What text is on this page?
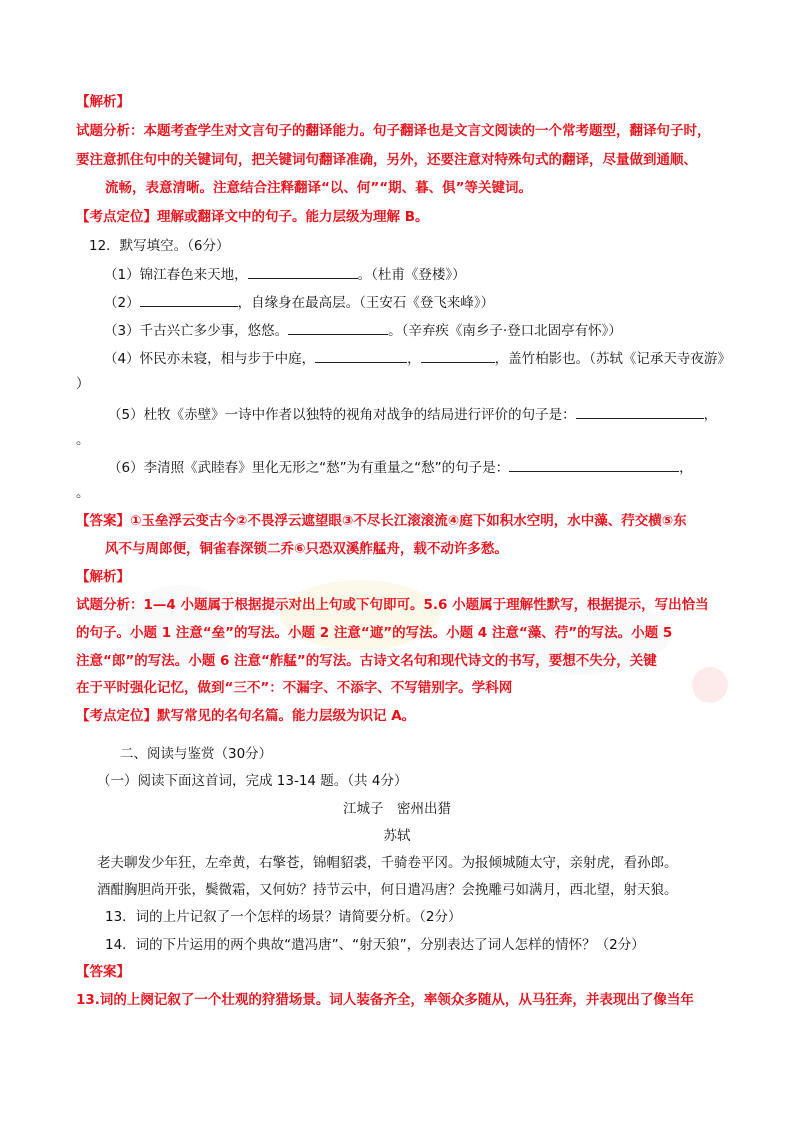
【解析】
试题分析：本题考查学生对文言句子的翻译能力。句子翻译也是文言文阅读的一个常考题型，翻译句子时，
要注意抓住句中的关键词句，把关键词句翻译准确，另外，还要注意对特殊句式的翻译，尽量做到通顺、
流畅，表意清晰。注意结合注释翻译“以、何”“期、暮、俱”等关键词。
【考点定位】理解或翻译文中的句子。能力层级为理解 B。
12．默写填空。（6分）
（1）锦江春色来天地，	。（杜甫《登楼》）
（2）	，自缘身在最高层。（王安石《登飞来峰》）
（3）千古兴亡多少事，悠悠。	。（辛弃疾《南乡子·登口北固亭有怀》）
（4）怀民亦未寝，相与步于中庭，	，	，盖竹柏影也。（苏轼《记承天寺夜游》
）
（5）杜牧《赤壁》一诗中作者以独特的视角对战争的结局进行评价的句子是：	，
。
（6）李清照《武睦春》里化无形之“愁”为有重量之“愁”的句子是：	，
。
【答案】①玉垒浮云变古今②不畏浮云遮望眼③不尽长江滚滚流④庭下如积水空明，水中藻、荇交横⑤东
风不与周郎便，铜雀春深锁二乔⑥只恐双溪舴艋舟，载不动许多愁。
【解析】
试题分析：1—4 小题属于根据提示对出上句或下句即可。5.6 小题属于理解性默写，根据提示，写出恰当
的句子。小题 1 注意“垒”的写法。小题 2 注意“遮”的写法。小题 4 注意“藻、荇”的写法。小题 5
注意“郎”的写法。小题 6 注意“舴艋”的写法。古诗文名句和现代诗文的书写，要想不失分，关键
在于平时强化记忆，做到“三不”：不漏字、不添字、不写错别字。学科网
【考点定位】默写常见的名句名篇。能力层级为识记 A。
二、阅读与鉴赏（30分）
（一）阅读下面这首词，完成 13-14 题。（共 4分）
江城子　密州出猎
苏轼
老夫聊发少年狂，左牵黄，右擎苍，锦帽貂裘，千骑卷平冈。为报倾城随太守，亲射虎，看孙郎。
酒酣胸胆尚开张，鬓微霜，又何妨？持节云中，何日遣冯唐？会挽雕弓如满月，西北望，射天狼。
13．词的上片记叙了一个怎样的场景？请简要分析。（2分）
14．词的下片运用的两个典故“遣冯唐”、“射天狼”，分别表达了词人怎样的情怀？（2分）
【答案】
13.词的上阕记叙了一个壮观的狩猎场景。词人装备齐全，率领众多随从，从马狂奔，并表现出了像当年
